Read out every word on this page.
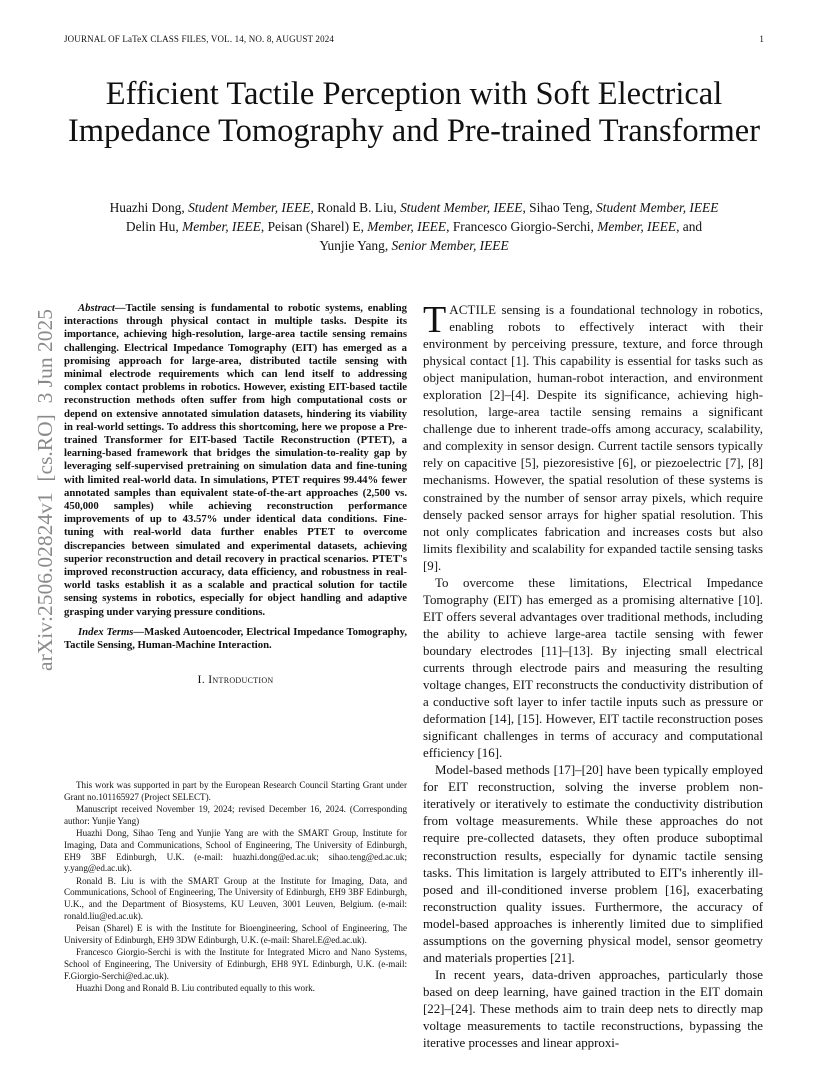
JOURNAL OF LaTeX CLASS FILES, VOL. 14, NO. 8, AUGUST 2024	1
Efficient Tactile Perception with Soft Electrical Impedance Tomography and Pre-trained Transformer
Huazhi Dong, Student Member, IEEE, Ronald B. Liu, Student Member, IEEE, Sihao Teng, Student Member, IEEE
Delin Hu, Member, IEEE, Peisan (Sharel) E, Member, IEEE, Francesco Giorgio-Serchi, Member, IEEE, and
Yunjie Yang, Senior Member, IEEE
arXiv:2506.02824v1  [cs.RO]  3 Jun 2025

Abstract—Tactile sensing is fundamental to robotic systems, enabling interactions through physical contact in multiple tasks. Despite its importance, achieving high-resolution, large-area tactile sensing remains challenging. Electrical Impedance Tomography (EIT) has emerged as a promising approach for large-area, distributed tactile sensing with minimal electrode requirements which can lend itself to addressing complex contact problems in robotics. However, existing EIT-based tactile reconstruction methods often suffer from high computational costs or depend on extensive annotated simulation datasets, hindering its viability in real-world settings. To address this shortcoming, here we propose a Pre-trained Transformer for EIT-based Tactile Reconstruction (PTET), a learning-based framework that bridges the simulation-to-reality gap by leveraging self-supervised pretraining on simulation data and fine-tuning with limited real-world data. In simulations, PTET requires 99.44% fewer annotated samples than equivalent state-of-the-art approaches (2,500 vs. 450,000 samples) while achieving reconstruction performance improvements of up to 43.57% under identical data conditions. Fine-tuning with real-world data further enables PTET to overcome discrepancies between simulated and experimental datasets, achieving superior reconstruction and detail recovery in practical scenarios. PTET's improved reconstruction accuracy, data efficiency, and robustness in real-world tasks establish it as a scalable and practical solution for tactile sensing systems in robotics, especially for object handling and adaptive grasping under varying pressure conditions.

Index Terms—Masked Autoencoder, Electrical Impedance Tomography, Tactile Sensing, Human-Machine Interaction.

I. Introduction

This work was supported in part by the European Research Council Starting Grant under Grant no.101165927 (Project SELECT).

Manuscript received November 19, 2024; revised December 16, 2024. (Corresponding author: Yunjie Yang)

Huazhi Dong, Sihao Teng and Yunjie Yang are with the SMART Group, Institute for Imaging, Data and Communications, School of Engineering, The University of Edinburgh, EH9 3BF Edinburgh, U.K. (e-mail: huazhi.dong@ed.ac.uk; sihao.teng@ed.ac.uk; y.yang@ed.ac.uk).

Ronald B. Liu is with the SMART Group at the Institute for Imaging, Data, and Communications, School of Engineering, The University of Edinburgh, EH9 3BF Edinburgh, U.K., and the Department of Biosystems, KU Leuven, 3001 Leuven, Belgium. (e-mail: ronald.liu@ed.ac.uk).

Peisan (Sharel) E is with the Institute for Bioengineering, School of Engineering, The University of Edinburgh, EH9 3DW Edinburgh, U.K. (e-mail: Sharel.E@ed.ac.uk).

Francesco Giorgio-Serchi is with the Institute for Integrated Micro and Nano Systems, School of Engineering, The University of Edinburgh, EH8 9YL Edinburgh, U.K. (e-mail: F.Giorgio-Serchi@ed.ac.uk).

Huazhi Dong and Ronald B. Liu contributed equally to this work.

TACTILE sensing is a foundational technology in robotics, enabling robots to effectively interact with their environment by perceiving pressure, texture, and force through physical contact [1]. This capability is essential for tasks such as object manipulation, human-robot interaction, and environment exploration [2]–[4]. Despite its significance, achieving high-resolution, large-area tactile sensing remains a significant challenge due to inherent trade-offs among accuracy, scalability, and complexity in sensor design. Current tactile sensors typically rely on capacitive [5], piezoresistive [6], or piezoelectric [7], [8] mechanisms. However, the spatial resolution of these systems is constrained by the number of sensor array pixels, which require densely packed sensor arrays for higher spatial resolution. This not only complicates fabrication and increases costs but also limits flexibility and scalability for expanded tactile sensing tasks [9].

To overcome these limitations, Electrical Impedance Tomography (EIT) has emerged as a promising alternative [10]. EIT offers several advantages over traditional methods, including the ability to achieve large-area tactile sensing with fewer boundary electrodes [11]–[13]. By injecting small electrical currents through electrode pairs and measuring the resulting voltage changes, EIT reconstructs the conductivity distribution of a conductive soft layer to infer tactile inputs such as pressure or deformation [14], [15]. However, EIT tactile reconstruction poses significant challenges in terms of accuracy and computational efficiency [16].

Model-based methods [17]–[20] have been typically employed for EIT reconstruction, solving the inverse problem non-iteratively or iteratively to estimate the conductivity distribution from voltage measurements. While these approaches do not require pre-collected datasets, they often produce suboptimal reconstruction results, especially for dynamic tactile sensing tasks. This limitation is largely attributed to EIT's inherently ill-posed and ill-conditioned inverse problem [16], exacerbating reconstruction quality issues. Furthermore, the accuracy of model-based approaches is inherently limited due to simplified assumptions on the governing physical model, sensor geometry and materials properties [21].

In recent years, data-driven approaches, particularly those based on deep learning, have gained traction in the EIT domain [22]–[24]. These methods aim to train deep nets to directly map voltage measurements to tactile reconstructions, bypassing the iterative processes and linear approxi-
